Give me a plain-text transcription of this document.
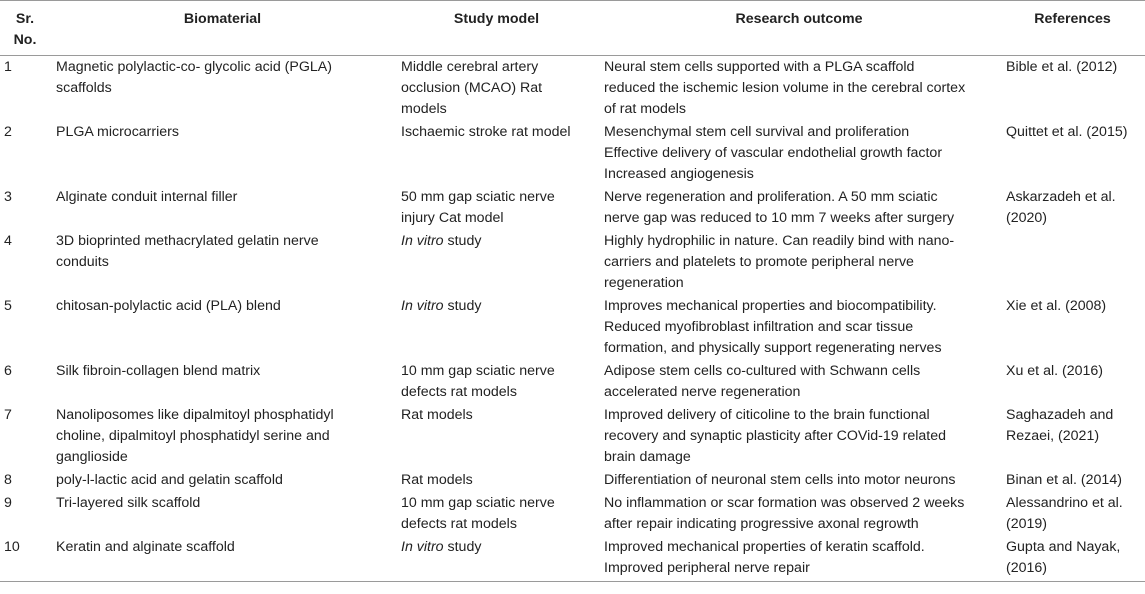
Sr.
No.	Biomaterial	Study model	Research outcome	References
1	Magnetic polylactic-co- glycolic acid (PGLA)
scaffolds	Middle cerebral artery
occlusion (MCAO) Rat
models	Neural stem cells supported with a PLGA scaffold
reduced the ischemic lesion volume in the cerebral cortex
of rat models	Bible et al. (2012)
2	PLGA microcarriers	Ischaemic stroke rat model	Mesenchymal stem cell survival and proliferation
Effective delivery of vascular endothelial growth factor
Increased angiogenesis	Quittet et al. (2015)
3	Alginate conduit internal filler	50 mm gap sciatic nerve
injury Cat model	Nerve regeneration and proliferation. A 50 mm sciatic
nerve gap was reduced to 10 mm 7 weeks after surgery	Askarzadeh et al.
(2020)
4	3D bioprinted methacrylated gelatin nerve
conduits	In vitro study	Highly hydrophilic in nature. Can readily bind with nano-
carriers and platelets to promote peripheral nerve
regeneration	
5	chitosan-polylactic acid (PLA) blend	In vitro study	Improves mechanical properties and biocompatibility.
Reduced myofibroblast infiltration and scar tissue
formation, and physically support regenerating nerves	Xie et al. (2008)
6	Silk fibroin-collagen blend matrix	10 mm gap sciatic nerve
defects rat models	Adipose stem cells co-cultured with Schwann cells
accelerated nerve regeneration	Xu et al. (2016)
7	Nanoliposomes like dipalmitoyl phosphatidyl
choline, dipalmitoyl phosphatidyl serine and
ganglioside	Rat models	Improved delivery of citicoline to the brain functional
recovery and synaptic plasticity after COVid-19 related
brain damage	Saghazadeh and
Rezaei, (2021)
8	poly-l-lactic acid and gelatin scaffold	Rat models	Differentiation of neuronal stem cells into motor neurons	Binan et al. (2014)
9	Tri-layered silk scaffold	10 mm gap sciatic nerve
defects rat models	No inflammation or scar formation was observed 2 weeks
after repair indicating progressive axonal regrowth	Alessandrino et al.
(2019)
10	Keratin and alginate scaffold	In vitro study	Improved mechanical properties of keratin scaffold.
Improved peripheral nerve repair	Gupta and Nayak,
(2016)
